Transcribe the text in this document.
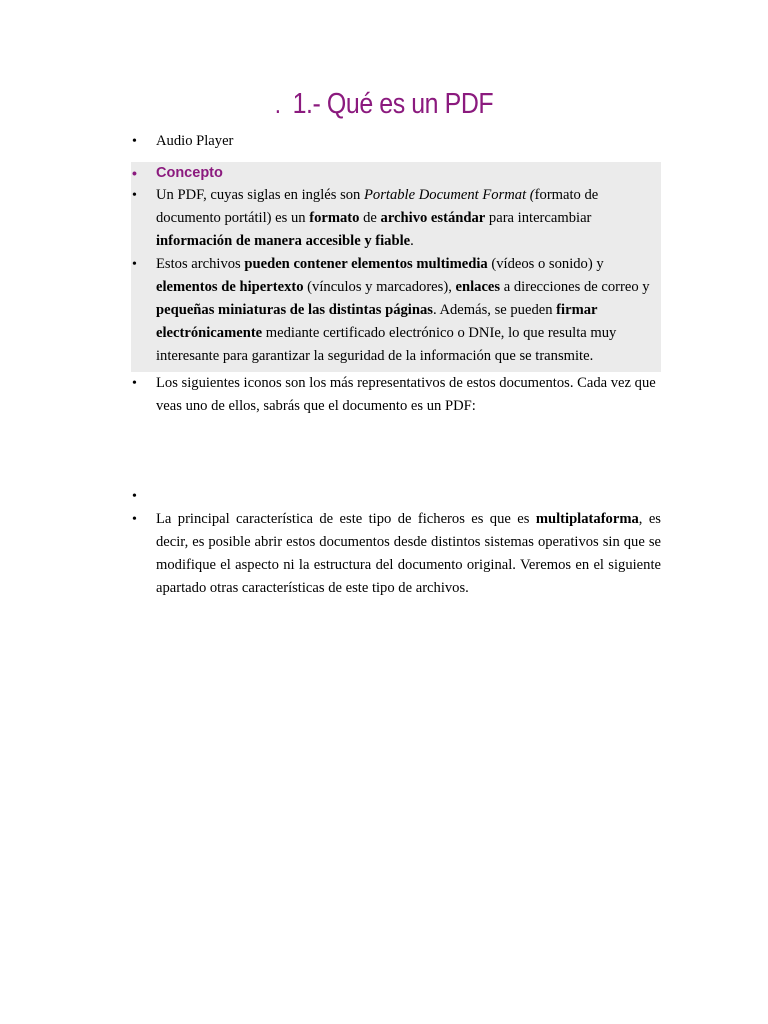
. 1.- Qué es un PDF
• Audio Player
• Concepto
• Un PDF, cuyas siglas en inglés son Portable Document Format (formato de documento portátil) es un formato de archivo estándar para intercambiar información de manera accesible y fiable.
• Estos archivos pueden contener elementos multimedia (vídeos o sonido) y elementos de hipertexto (vínculos y marcadores), enlaces a direcciones de correo y pequeñas miniaturas de las distintas páginas. Además, se pueden firmar electrónicamente mediante certificado electrónico o DNIe, lo que resulta muy interesante para garantizar la seguridad de la información que se transmite.
• Los siguientes iconos son los más representativos de estos documentos. Cada vez que veas uno de ellos, sabrás que el documento es un PDF:
•
• La principal característica de este tipo de ficheros es que es multiplataforma, es decir, es posible abrir estos documentos desde distintos sistemas operativos sin que se modifique el aspecto ni la estructura del documento original. Veremos en el siguiente apartado otras características de este tipo de archivos.
